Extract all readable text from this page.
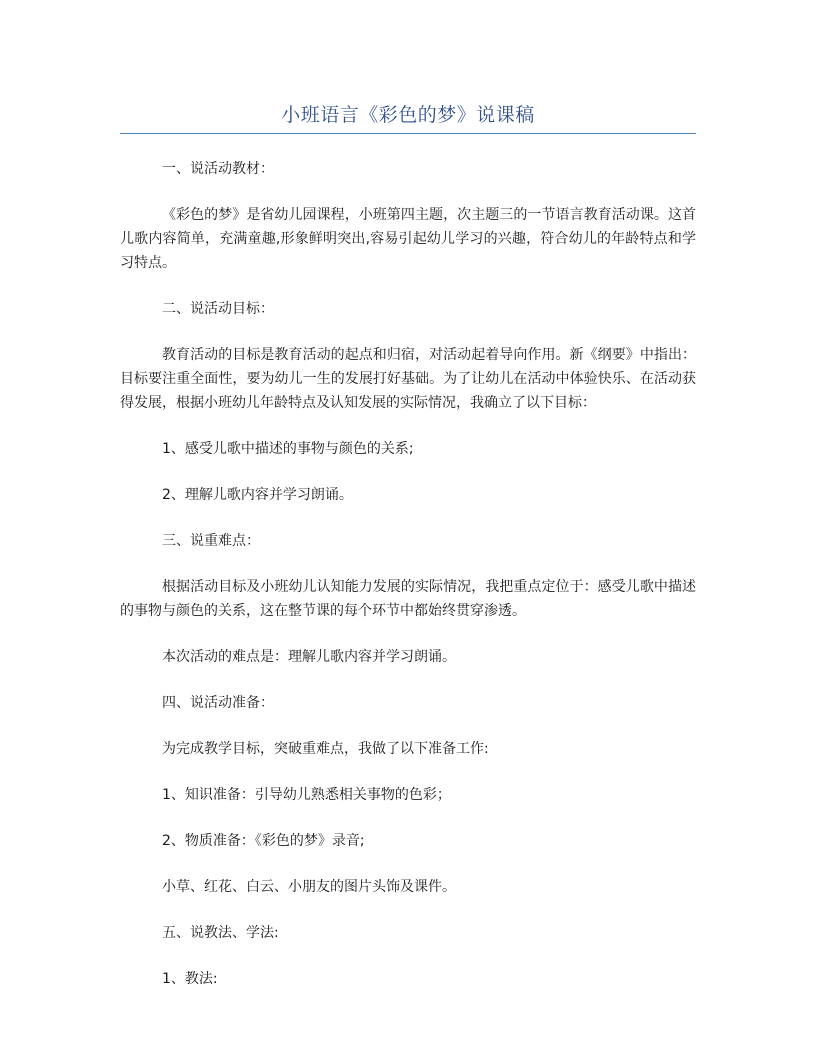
小班语言《彩色的梦》说课稿

一、说活动教材：

《彩色的梦》是省幼儿园课程，小班第四主题，次主题三的一节语言教育活动课。这首儿歌内容简单，充满童趣,形象鲜明突出,容易引起幼儿学习的兴趣，符合幼儿的年龄特点和学习特点。

二、说活动目标：

教育活动的目标是教育活动的起点和归宿，对活动起着导向作用。新《纲要》中指出：目标要注重全面性，要为幼儿一生的发展打好基础。为了让幼儿在活动中体验快乐、在活动获得发展，根据小班幼儿年龄特点及认知发展的实际情况，我确立了以下目标：

1、感受儿歌中描述的事物与颜色的关系;

2、理解儿歌内容并学习朗诵。

三、说重难点：

根据活动目标及小班幼儿认知能力发展的实际情况，我把重点定位于：感受儿歌中描述的事物与颜色的关系，这在整节课的每个环节中都始终贯穿渗透。

本次活动的难点是：理解儿歌内容并学习朗诵。

四、说活动准备：

为完成教学目标，突破重难点，我做了以下准备工作:

1、知识准备：引导幼儿熟悉相关事物的色彩；

2、物质准备：《彩色的梦》录音;

小草、红花、白云、小朋友的图片头饰及课件。

五、说教法、学法:

1、教法:
